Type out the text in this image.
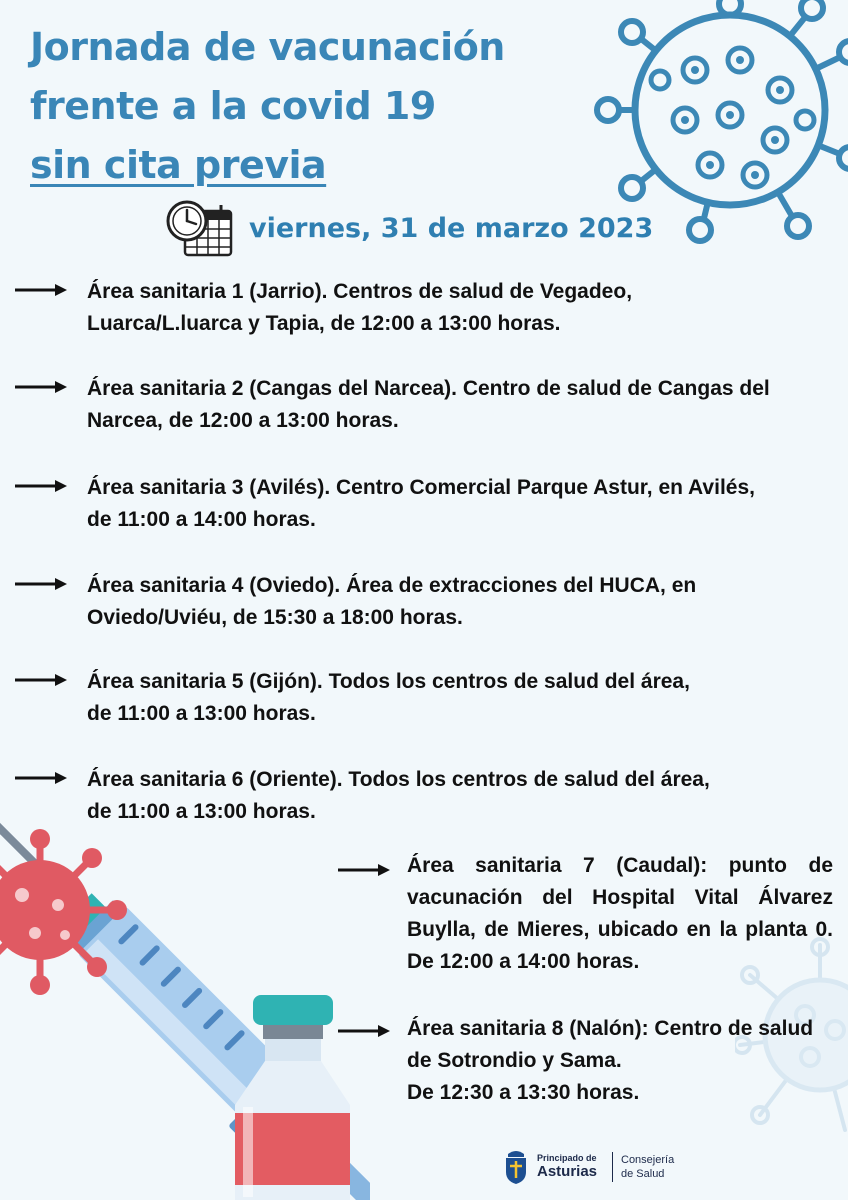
Jornada de vacunación
frente a la covid 19
sin cita previa
viernes, 31 de marzo 2023
Área sanitaria 1 (Jarrio). Centros de salud de Vegadeo,
Luarca/L.luarca y Tapia, de 12:00 a 13:00 horas.
Área sanitaria 2 (Cangas del Narcea). Centro de salud de Cangas del
Narcea, de 12:00 a 13:00 horas.
Área sanitaria 3 (Avilés). Centro Comercial Parque Astur, en Avilés,
de 11:00 a 14:00 horas.
Área sanitaria 4 (Oviedo). Área de extracciones del HUCA, en
Oviedo/Uviéu, de 15:30 a 18:00 horas.
Área sanitaria 5 (Gijón). Todos los centros de salud del área,
de 11:00 a 13:00 horas.
Área sanitaria 6 (Oriente). Todos los centros de salud del área,
de 11:00 a 13:00 horas.
Área sanitaria 7 (Caudal): punto de vacunación del Hospital Vital Álvarez Buylla, de Mieres, ubicado en la planta 0. De 12:00 a 14:00 horas.
Área sanitaria 8 (Nalón): Centro de salud
de Sotrondio y Sama.
De 12:30 a 13:30 horas.
Principado de
Asturias
Consejería
de Salud
